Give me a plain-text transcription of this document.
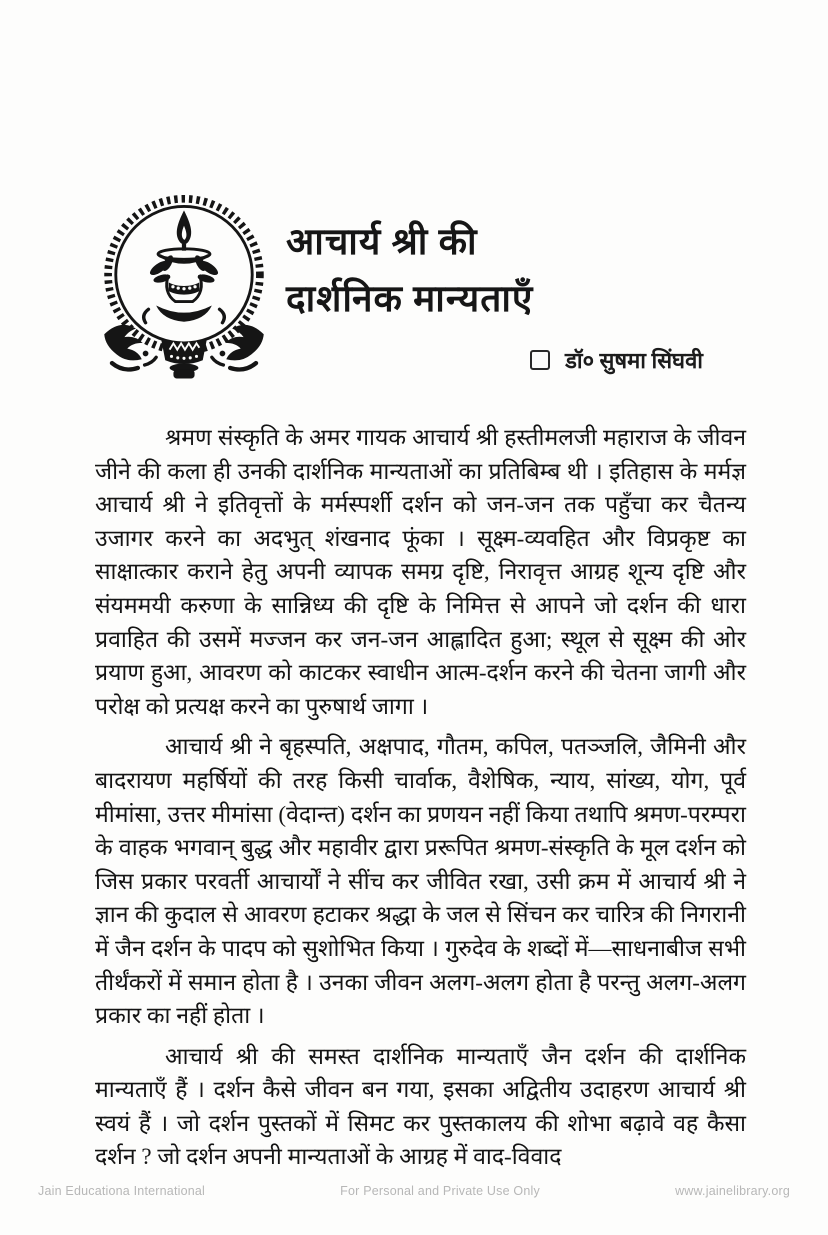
आचार्य श्री की
दार्शनिक मान्यताएँ
डॉ० सुषमा सिंघवी

श्रमण संस्कृति के अमर गायक आचार्य श्री हस्तीमलजी महाराज के जीवन जीने की कला ही उनकी दार्शनिक मान्यताओं का प्रतिबिम्ब थी । इतिहास के मर्मज्ञ आचार्य श्री ने इतिवृत्तों के मर्मस्पर्शी दर्शन को जन-जन तक पहुँचा कर चैतन्य उजागर करने का अदभुत् शंखनाद फूंका । सूक्ष्म-व्यवहित और विप्रकृष्ट का साक्षात्कार कराने हेतु अपनी व्यापक समग्र दृष्टि, निरावृत्त आग्रह शून्य दृष्टि और संयममयी करुणा के सान्निध्य की दृष्टि के निमित्त से आपने जो दर्शन की धारा प्रवाहित की उसमें मज्जन कर जन-जन आह्लादित हुआ; स्थूल से सूक्ष्म की ओर प्रयाण हुआ, आवरण को काटकर स्वाधीन आत्म-दर्शन करने की चेतना जागी और परोक्ष को प्रत्यक्ष करने का पुरुषार्थ जागा ।

आचार्य श्री ने बृहस्पति, अक्षपाद, गौतम, कपिल, पतञ्जलि, जैमिनी और बादरायण महर्षियों की तरह किसी चार्वाक, वैशेषिक, न्याय, सांख्य, योग, पूर्व मीमांसा, उत्तर मीमांसा (वेदान्त) दर्शन का प्रणयन नहीं किया तथापि श्रमण-परम्परा के वाहक भगवान् बुद्ध और महावीर द्वारा प्ररूपित श्रमण-संस्कृति के मूल दर्शन को जिस प्रकार परवर्ती आचार्यों ने सींच कर जीवित रखा, उसी क्रम में आचार्य श्री ने ज्ञान की कुदाल से आवरण हटाकर श्रद्धा के जल से सिंचन कर चारित्र की निगरानी में जैन दर्शन के पादप को सुशोभित किया । गुरुदेव के शब्दों में—साधनाबीज सभी तीर्थंकरों में समान होता है । उनका जीवन अलग-अलग होता है परन्तु अलग-अलग प्रकार का नहीं होता ।

आचार्य श्री की समस्त दार्शनिक मान्यताएँ जैन दर्शन की दार्शनिक मान्यताएँ हैं । दर्शन कैसे जीवन बन गया, इसका अद्वितीय उदाहरण आचार्य श्री स्वयं हैं । जो दर्शन पुस्तकों में सिमट कर पुस्तकालय की शोभा बढ़ावे वह कैसा दर्शन ? जो दर्शन अपनी मान्यताओं के आग्रह में वाद-विवाद

Jain Educationa International	For Personal and Private Use Only	www.jainelibrary.org
